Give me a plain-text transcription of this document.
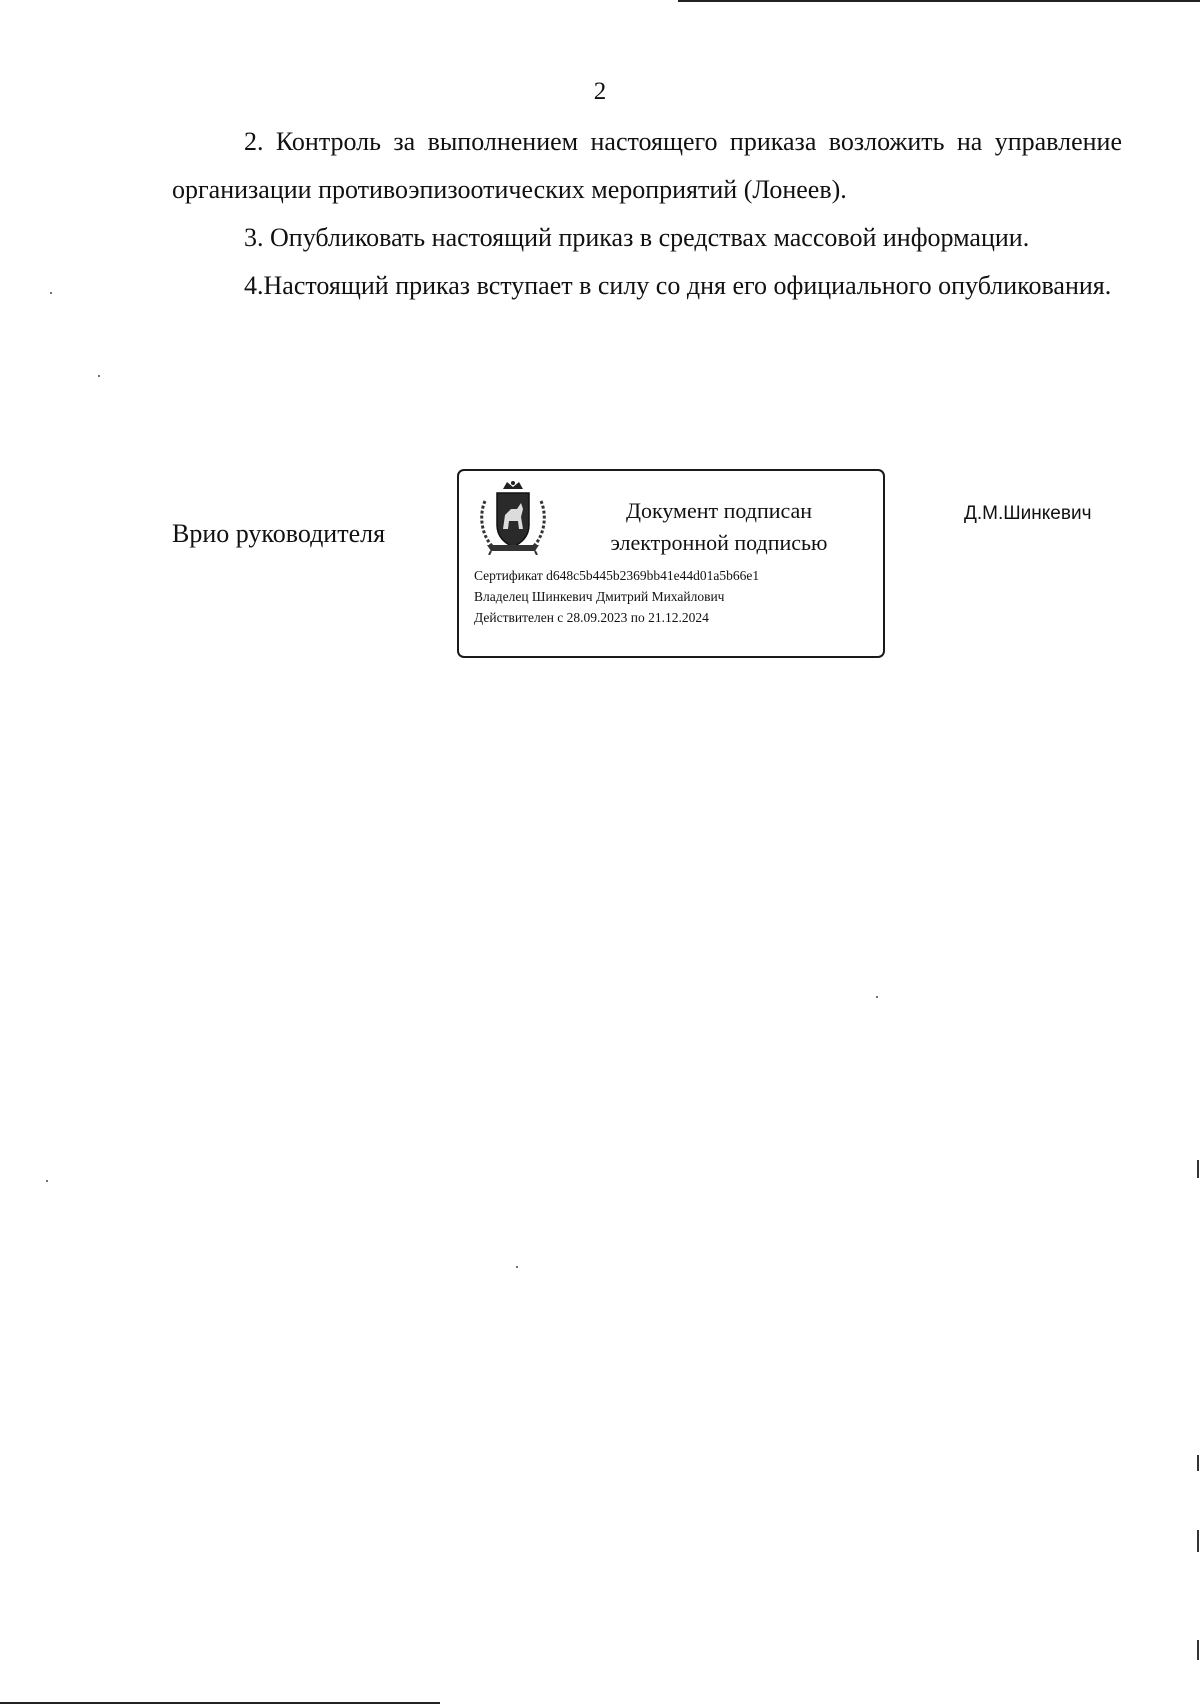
2

2. Контроль за выполнением настоящего приказа возложить на управление организации противоэпизоотических мероприятий (Лонеев).

3. Опубликовать настоящий приказ в средствах массовой информации.

4.Настоящий приказ вступает в силу со дня его официального опубликования.

Врио руководителя
Документ подписан
электронной подписью
Сертификат d648c5b445b2369bb41e44d01a5b66e1
Владелец Шинкевич Дмитрий Михайлович
Действителен с 28.09.2023 по 21.12.2024
Д.М.Шинкевич
